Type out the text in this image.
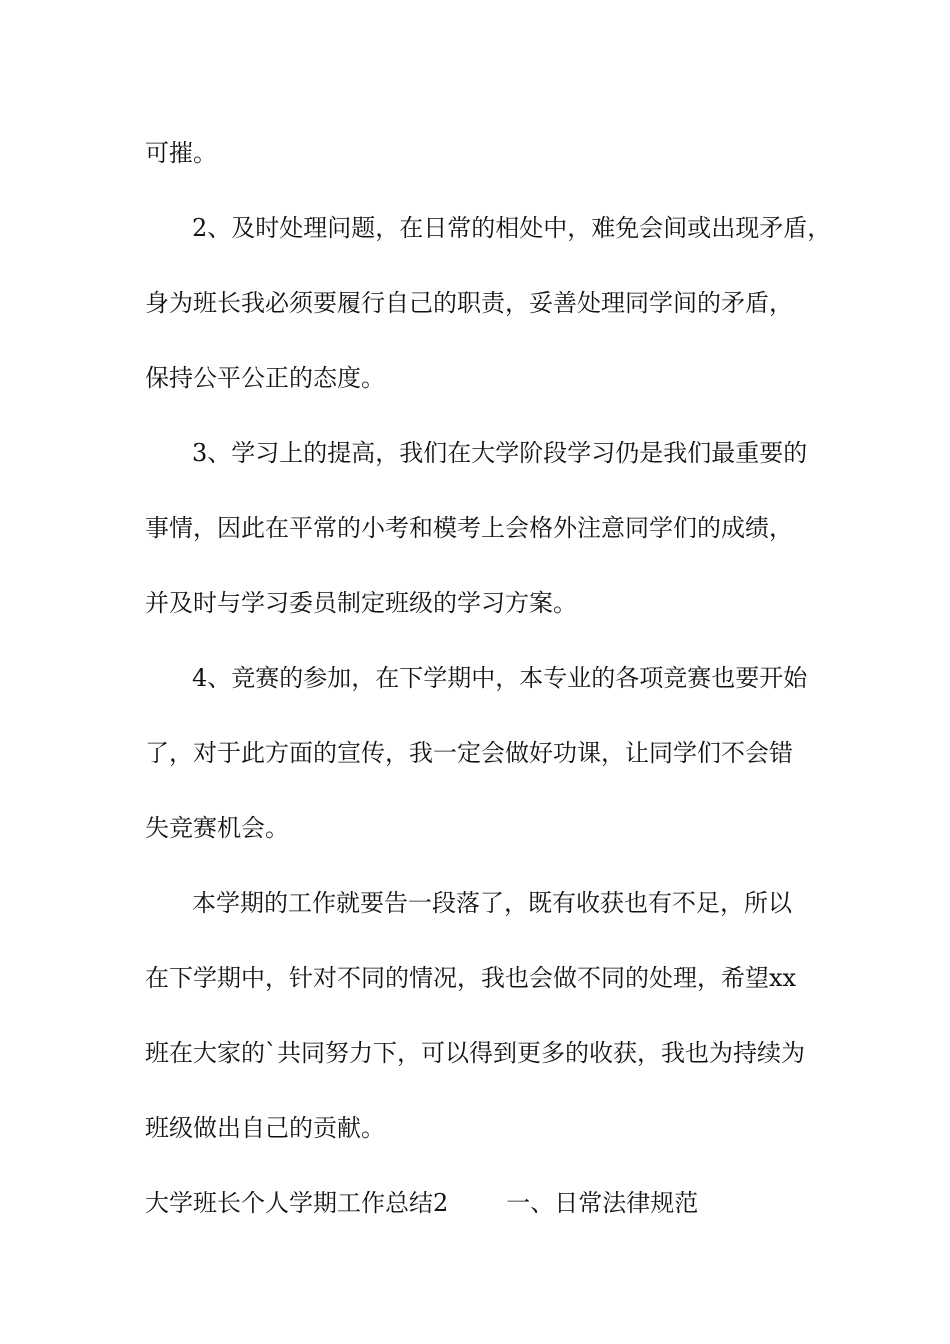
可摧。

2、及时处理问题，在日常的相处中，难免会间或出现矛盾，

身为班长我必须要履行自己的职责，妥善处理同学间的矛盾，

保持公平公正的态度。

3、学习上的提高，我们在大学阶段学习仍是我们最重要的

事情，因此在平常的小考和模考上会格外注意同学们的成绩，

并及时与学习委员制定班级的学习方案。

4、竞赛的参加，在下学期中，本专业的各项竞赛也要开始

了，对于此方面的宣传，我一定会做好功课，让同学们不会错

失竞赛机会。

本学期的工作就要告一段落了，既有收获也有不足，所以

在下学期中，针对不同的情况，我也会做不同的处理，希望xx

班在大家的`共同努力下，可以得到更多的收获，我也为持续为

班级做出自己的贡献。

大学班长个人学期工作总结2 一、日常法律规范
